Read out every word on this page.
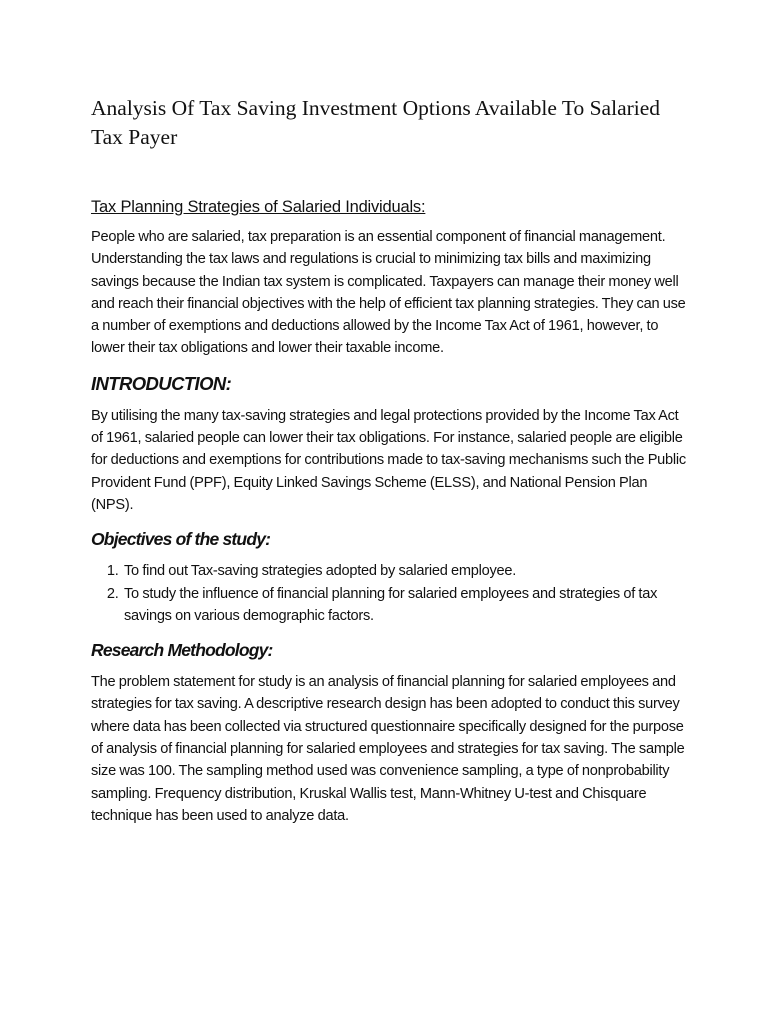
Analysis Of Tax Saving Investment Options Available To Salaried Tax Payer
Tax Planning Strategies of Salaried Individuals:

People who are salaried, tax preparation is an essential component of financial management. Understanding the tax laws and regulations is crucial to minimizing tax bills and maximizing savings because the Indian tax system is complicated. Taxpayers can manage their money well and reach their financial objectives with the help of efficient tax planning strategies. They can use a number of exemptions and deductions allowed by the Income Tax Act of 1961, however, to lower their tax obligations and lower their taxable income.

INTRODUCTION:

By utilising the many tax-saving strategies and legal protections provided by the Income Tax Act of 1961, salaried people can lower their tax obligations. For instance, salaried people are eligible for deductions and exemptions for contributions made to tax-saving mechanisms such the Public Provident Fund (PPF), Equity Linked Savings Scheme (ELSS), and National Pension Plan (NPS).

Objectives of the study:
1. To find out Tax-saving strategies adopted by salaried employee.
2. To study the influence of financial planning for salaried employees and strategies of tax savings on various demographic factors.
Research Methodology:

The problem statement for study is an analysis of financial planning for salaried employees and strategies for tax saving. A descriptive research design has been adopted to conduct this survey where data has been collected via structured questionnaire specifically designed for the purpose of analysis of financial planning for salaried employees and strategies for tax saving. The sample size was 100. The sampling method used was convenience sampling, a type of nonprobability sampling. Frequency distribution, Kruskal Wallis test, Mann-Whitney U-test and Chisquare technique has been used to analyze data.
